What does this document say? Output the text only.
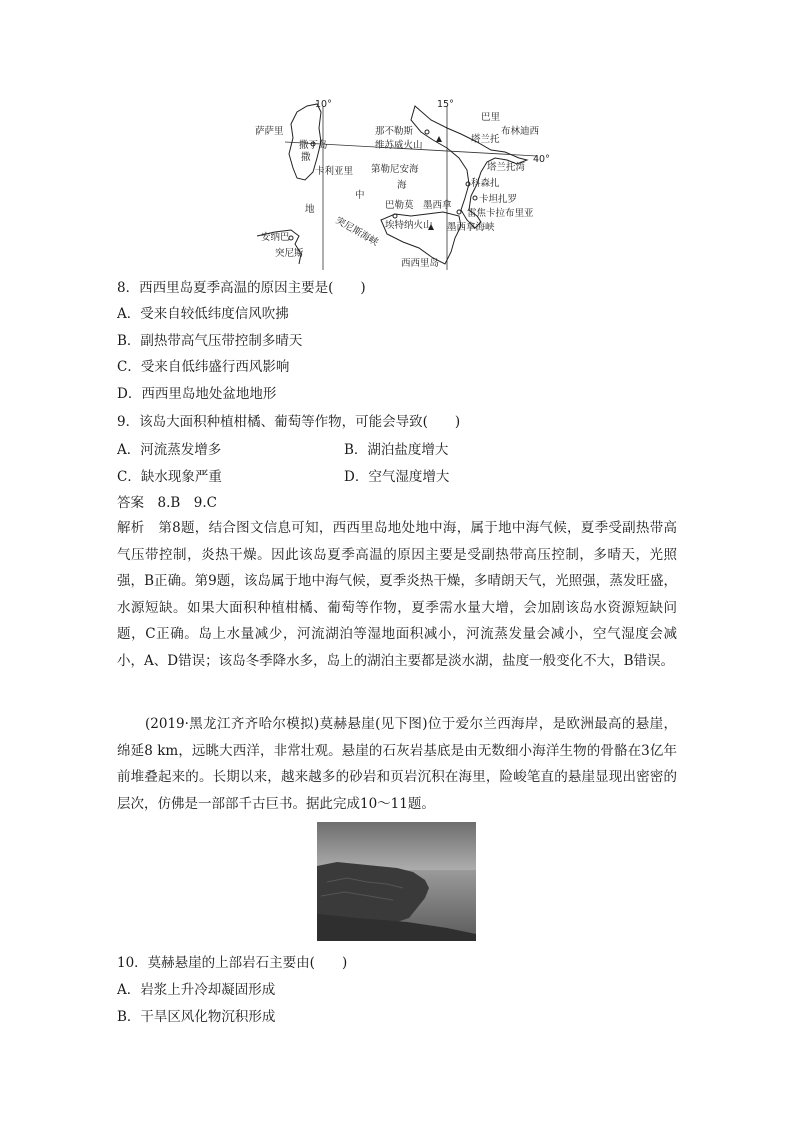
10°	15°
40°
萨萨里
撒丁岛
撒
卡利亚里
那不勒斯
维苏威火山
第勒尼安海
海
巴里
布林迪西
塔兰托
塔兰托湾
科森扎
卡坦扎罗
雷焦卡拉布里亚
巴勒莫 墨西拿
墨西拿海峡
埃特纳火山
西西里岛
地
中
突尼斯海峡
安纳巴
突尼斯
8．西西里岛夏季高温的原因主要是(　　)
A．受来自较低纬度信风吹拂
B．副热带高气压带控制多晴天
C．受来自低纬盛行西风影响
D．西西里岛地处盆地地形
9．该岛大面积种植柑橘、葡萄等作物，可能会导致(　　)
A．河流蒸发增多	B．湖泊盐度增大
C．缺水现象严重	D．空气湿度增大
答案　8.B　9.C
解析　第8题，结合图文信息可知，西西里岛地处地中海，属于地中海气候，夏季受副热带高气压带控制，炎热干燥。因此该岛夏季高温的原因主要是受副热带高压控制，多晴天，光照强，B正确。第9题，该岛属于地中海气候，夏季炎热干燥，多晴朗天气，光照强，蒸发旺盛，水源短缺。如果大面积种植柑橘、葡萄等作物，夏季需水量大增，会加剧该岛水资源短缺问题，C正确。岛上水量减少，河流湖泊等湿地面积减小，河流蒸发量会减小，空气湿度会减小，A、D错误；该岛冬季降水多，岛上的湖泊主要都是淡水湖，盐度一般变化不大，B错误。
(2019·黑龙江齐齐哈尔模拟)莫赫悬崖(见下图)位于爱尔兰西海岸，是欧洲最高的悬崖，绵延8 km，远眺大西洋，非常壮观。悬崖的石灰岩基底是由无数细小海洋生物的骨骼在3亿年前堆叠起来的。长期以来，越来越多的砂岩和页岩沉积在海里，险峻笔直的悬崖显现出密密的层次，仿佛是一部部千古巨书。据此完成10～11题。
10．莫赫悬崖的上部岩石主要由(　　)
A．岩浆上升冷却凝固形成
B．干旱区风化物沉积形成
